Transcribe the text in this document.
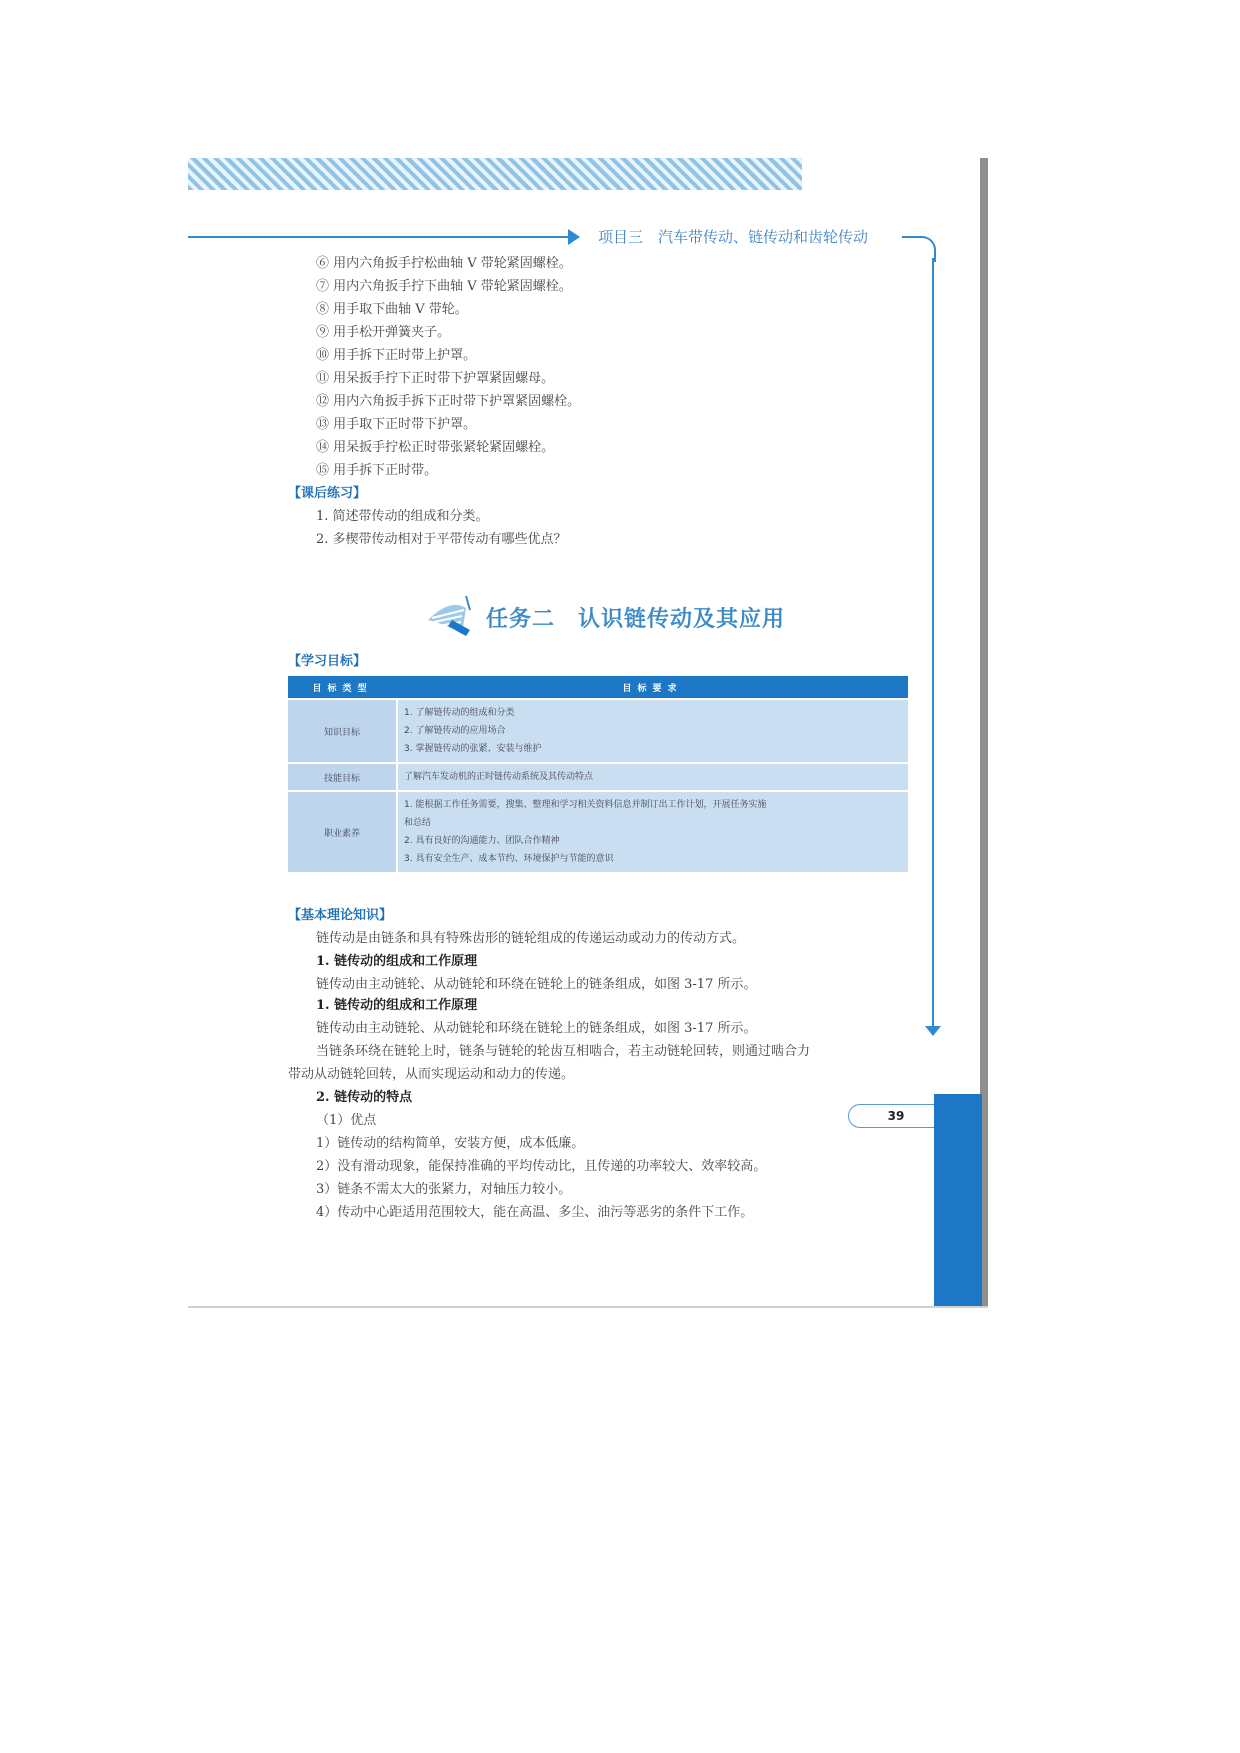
项目三　汽车带传动、链传动和齿轮传动
⑥ 用内六角扳手拧松曲轴 V 带轮紧固螺栓。
⑦ 用内六角扳手拧下曲轴 V 带轮紧固螺栓。
⑧ 用手取下曲轴 V 带轮。
⑨ 用手松开弹簧夹子。
⑩ 用手拆下正时带上护罩。
⑪ 用呆扳手拧下正时带下护罩紧固螺母。
⑫ 用内六角扳手拆下正时带下护罩紧固螺栓。
⑬ 用手取下正时带下护罩。
⑭ 用呆扳手拧松正时带张紧轮紧固螺栓。
⑮ 用手拆下正时带。
【课后练习】
1. 简述带传动的组成和分类。
2. 多楔带传动相对于平带传动有哪些优点？
任务二　认识链传动及其应用
【学习目标】
目标类型	目标要求
知识目标	1. 了解链传动的组成和分类
2. 了解链传动的应用场合
3. 掌握链传动的张紧、安装与维护

技能目标	了解汽车发动机的正时链传动系统及其传动特点

职业素养	1. 能根据工作任务需要，搜集、整理和学习相关资料信息并制订出工作计划，开展任务实施
和总结
2. 具有良好的沟通能力、团队合作精神
3. 具有安全生产、成本节约、环境保护与节能的意识
【基本理论知识】
链传动是由链条和具有特殊齿形的链轮组成的传递运动或动力的传动方式。
1. 链传动的组成和工作原理
链传动由主动链轮、从动链轮和环绕在链轮上的链条组成，如图 3-17 所示。
1. 链传动的组成和工作原理
链传动由主动链轮、从动链轮和环绕在链轮上的链条组成，如图 3-17 所示。
当链条环绕在链轮上时，链条与链轮的轮齿互相啮合，若主动链轮回转，则通过啮合力
带动从动链轮回转，从而实现运动和动力的传递。
2. 链传动的特点
（1）优点
1）链传动的结构简单，安装方便，成本低廉。
2）没有滑动现象，能保持准确的平均传动比，且传递的功率较大、效率较高。
3）链条不需太大的张紧力，对轴压力较小。
4）传动中心距适用范围较大，能在高温、多尘、油污等恶劣的条件下工作。
39
